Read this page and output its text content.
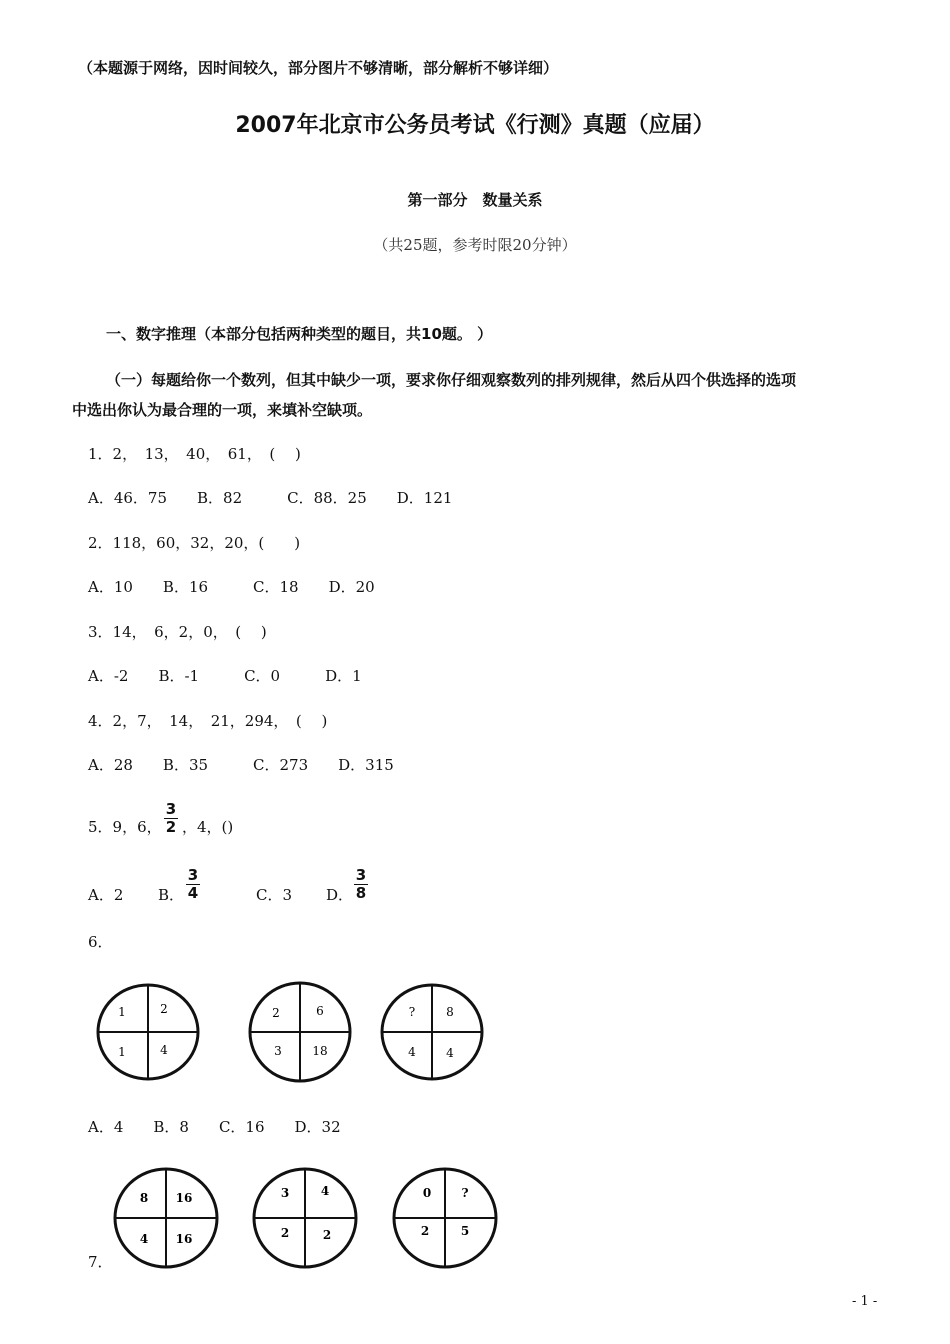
（本题源于网络，因时间较久，部分图片不够清晰，部分解析不够详细）
2007年北京市公务员考试《行测》真题（应届）
第一部分　数量关系
（共25题，参考时限20分钟）
一、数字推理（本部分包括两种类型的题目，共10题。 ）
（一）每题给你一个数列，但其中缺少一项，要求你仔细观察数列的排列规律，然后从四个供选择的选项
中选出你认为最合理的一项，来填补空缺项。
1．2，　13，　40，　61，　( 　)
A．46．75　　B．82　　　C．88．25　　D．121
2．118，60，32，20，(　　)
A．10　　B．16　　　C．18　　D．20
3．14，　6，2，0，　( 　)
A．-2　　B．-1　　　C．0　　　D．1
4．2，7，　14，　21，294，　( 　)
A．28　　B．35　　　C．273　　D．315
5．9，6，
3
2 ，4，()
A．2 B．
3
4	C．3 D．
3
8
6．
1	2
1	4
2	6
3	18
?	8
4	4
A．4　　B．8　　C．16　　D．32
8 16
4 16
3	4
2	2
0	?
2	5
7．
- 1 -
